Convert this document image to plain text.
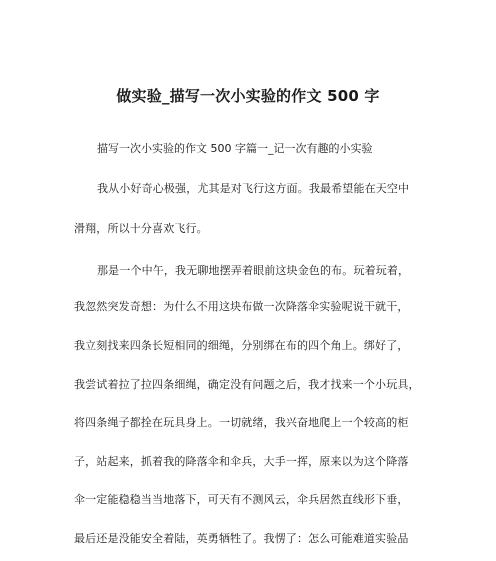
做实验_描写一次小实验的作文 500 字
描写一次小实验的作文 500 字篇一_记一次有趣的小实验
我从小好奇心极强，尤其是对飞行这方面。我最希望能在天空中
滑翔，所以十分喜欢飞行。
那是一个中午，我无聊地摆弄着眼前这块金色的布。玩着玩着，
我忽然突发奇想：为什么不用这块布做一次降落伞实验呢说干就干，
我立刻找来四条长短相同的细绳，分别绑在布的四个角上。绑好了，
我尝试着拉了拉四条细绳，确定没有问题之后，我才找来一个小玩具，
将四条绳子都拴在玩具身上。一切就绪，我兴奋地爬上一个较高的柜
子，站起来，抓着我的降落伞和伞兵，大手一挥，原来以为这个降落
伞一定能稳稳当当地落下，可天有不测风云，伞兵居然直线形下垂，
最后还是没能安全着陆，英勇牺牲了。我愣了：怎么可能难道实验品
